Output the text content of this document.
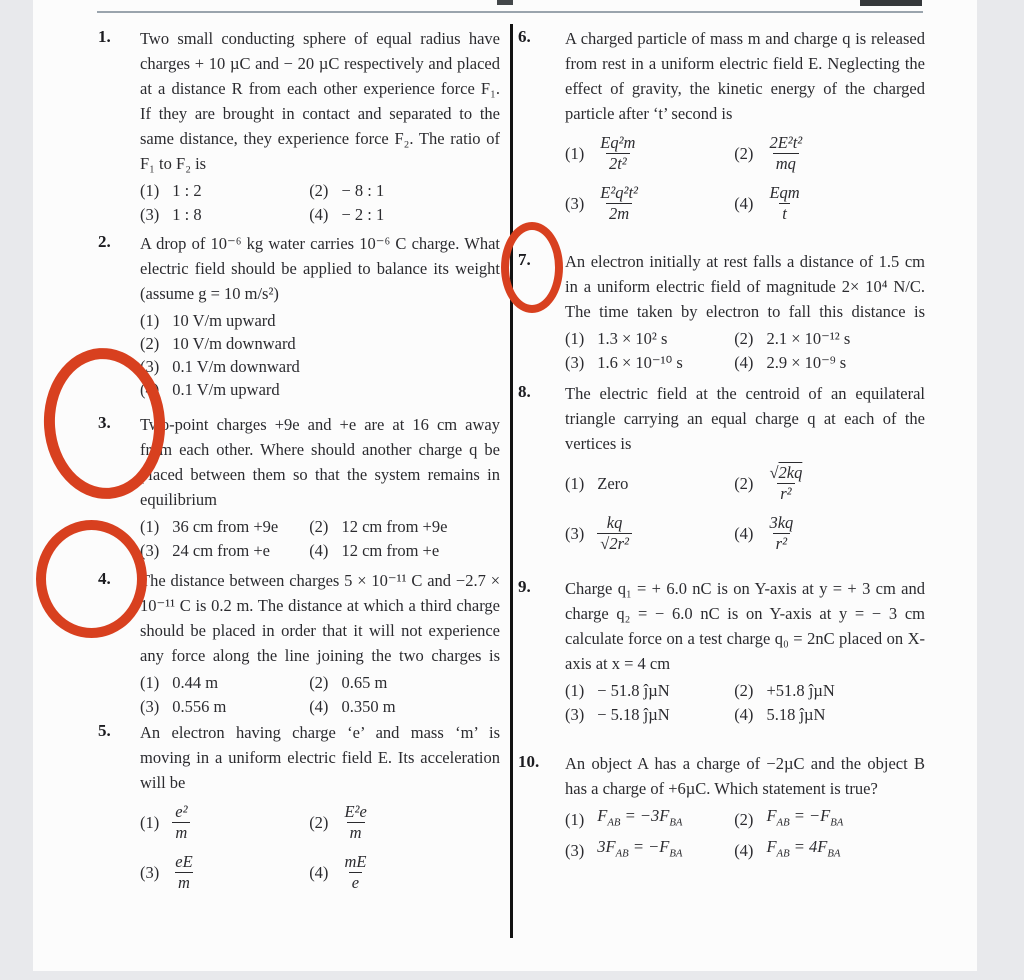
1. Two small conducting sphere of equal radius have
charges + 10 µC and − 20 µC respectively and placed
at a distance R from each other experience force F₁.
If they are brought in contact and separated to the
same distance, they experience force F₂. The ratio of
F₁ to F₂ is
(1) 1 : 2	(2) − 8 : 1
(3) 1 : 8	(4) − 2 : 1
2. A drop of 10⁻⁶ kg water carries 10⁻⁶ C charge. What
electric field should be applied to balance its weight
(assume g = 10 m/s²)
(1) 10 V/m upward
(2) 10 V/m downward
(3) 0.1 V/m downward
(4) 0.1 V/m upward
3. Two-point charges +9e and +e are at 16 cm away
from each other. Where should another charge q be
placed between them so that the system remains in
equilibrium
(1) 36 cm from +9e (2) 12 cm from +9e
(3) 24 cm from +e (4) 12 cm from +e
4. The distance between charges 5 × 10⁻¹¹ C and −2.7 ×
10⁻¹¹ C is 0.2 m. The distance at which a third charge
should be placed in order that it will not experience
any force along the line joining the two charges is
(1) 0.44 m	(2) 0.65 m
(3) 0.556 m	(4) 0.350 m
5. An electron having charge ‘e’ and mass ‘m’ is
moving in a uniform electric field E. Its acceleration
will be
$(1) \frac{\text{e²}}{m}$	$(2) \frac{\text{E²e}}{m}$
$(3) \frac{eE}{m}$	$(4) \frac{mE}{e}$
6. A charged particle of mass m and charge q is released
from rest in a uniform electric field E. Neglecting the
effect of gravity, the kinetic energy of the charged
particle after ‘t’ second is
$(1) \frac{\text{Eq²m}}{\text{2t²}}$	$(2) \frac{\text{2E²t²}}{mq}$
$(3) \frac{\text{E²q²t²}}{2m}$	$(4) \frac{\text{Eqm}}{t}$
7. An electron initially at rest falls a distance of 1.5 cm
in a uniform electric field of magnitude 2× 10⁴ N/C.
The time taken by electron to fall this distance is
(1) 1.3 × 10² s	(2) 2.1 × 10⁻¹² s
(3) 1.6 × 10⁻¹⁰ s	(4) 2.9 × 10⁻⁹ s
8. The electric field at the centroid of an equilateral
triangle carrying an equal charge q at each of the
vertices is
(1) Zero	$(2) \frac{√2kq}{\text{r²}}$
$(3) \frac{kq}{\text{√2r²}}$	$(4) \frac{3kq}{\text{r²}}$
9. Charge q₁ = + 6.0 nC is on Y-axis at y = + 3 cm and
charge q₂ = − 6.0 nC is on Y-axis at y = − 3 cm
calculate force on a test charge q₀ = 2nC placed on X-
axis at x = 4 cm
(1) − 51.8 ĵµN	(2) +51.8 ĵµN
(3) − 5.18 ĵµN	(4) 5.18 ĵµN
10. An object A has a charge of −2µC and the object B
has a charge of +6µC. Which statement is true?
(1) $F_{AB} = -3F_{BA}$	(2) $F_{AB} = -F_{BA}$
(3) $3F_{AB} = -F_{BA}$	(4) $F_{AB} = 4F_{BA}$
